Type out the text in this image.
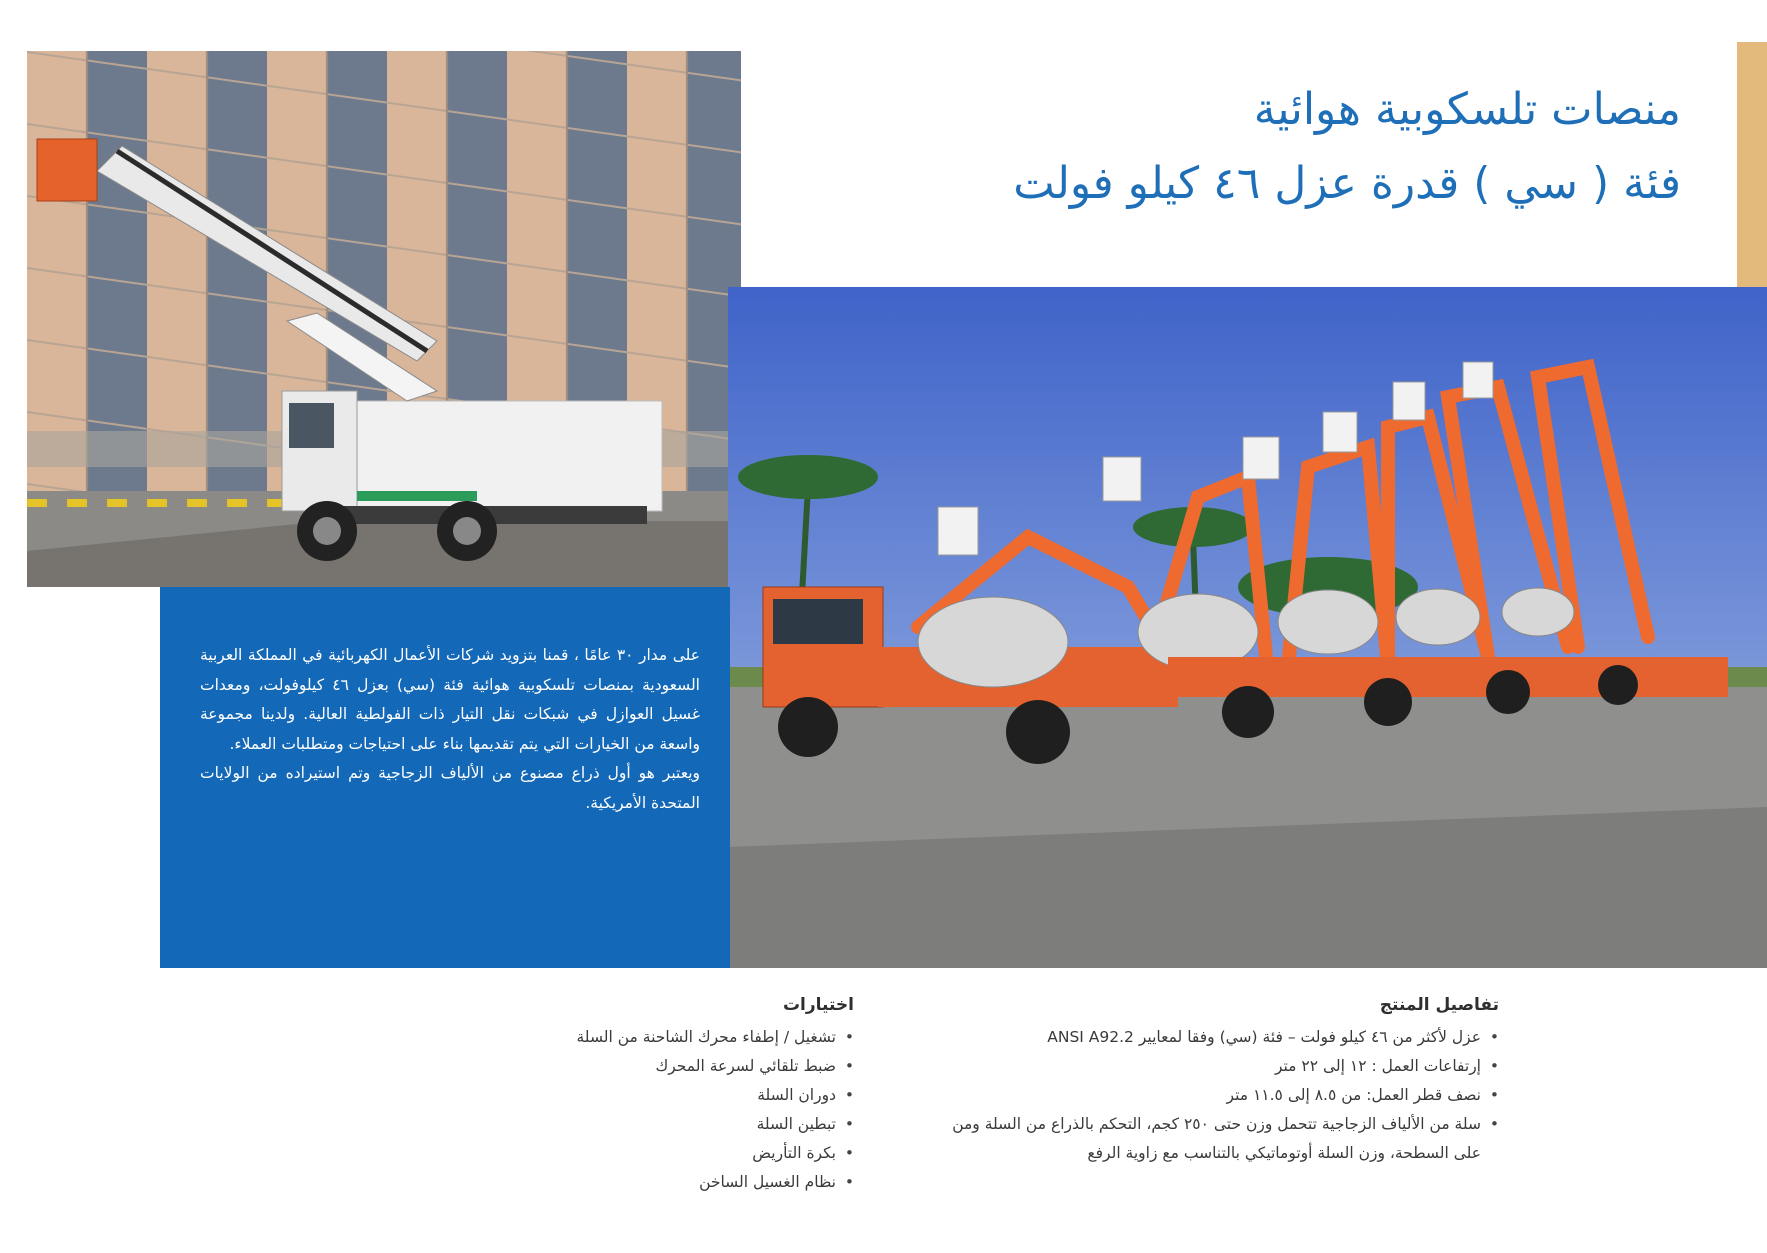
منصات تلسكوبية هوائية
فئة ( سي ) قدرة عزل ٤٦ كيلو فولت

على مدار ٣٠ عامًا ، قمنا بتزويد شركات الأعمال الكهربائية في المملكة العربية السعودية بمنصات تلسكوبية هوائية فئة (سي) بعزل ٤٦ كيلوفولت، ومعدات غسيل العوازل في شبكات نقل التيار ذات الفولطية العالية. ولدينا مجموعة واسعة من الخيارات التي يتم تقديمها بناء على احتياجات ومتطلبات العملاء.

ويعتبر هو أول ذراع مصنوع من الألياف الزجاجية وتم استيراده من الولايات المتحدة الأمريكية.

تفاصيل المنتج
• عزل لأكثر من ٤٦ كيلو فولت – فئة (سي) وفقا لمعايير ANSI A92.2
• إرتفاعات العمل : ١٢ إلى ٢٢ متر
• نصف قطر العمل: من ٨.٥ إلى ١١.٥ متر
• سلة من الألياف الزجاجية تتحمل وزن حتى ٢٥٠ كجم، التحكم بالذراع من السلة ومن على السطحة، وزن السلة أوتوماتيكي بالتناسب مع زاوية الرفع
اختيارات
• تشغيل / إطفاء محرك الشاحنة من السلة
• ضبط تلقائي لسرعة المحرك
• دوران السلة
• تبطين السلة
• بكرة التأريض
• نظام الغسيل الساخن
